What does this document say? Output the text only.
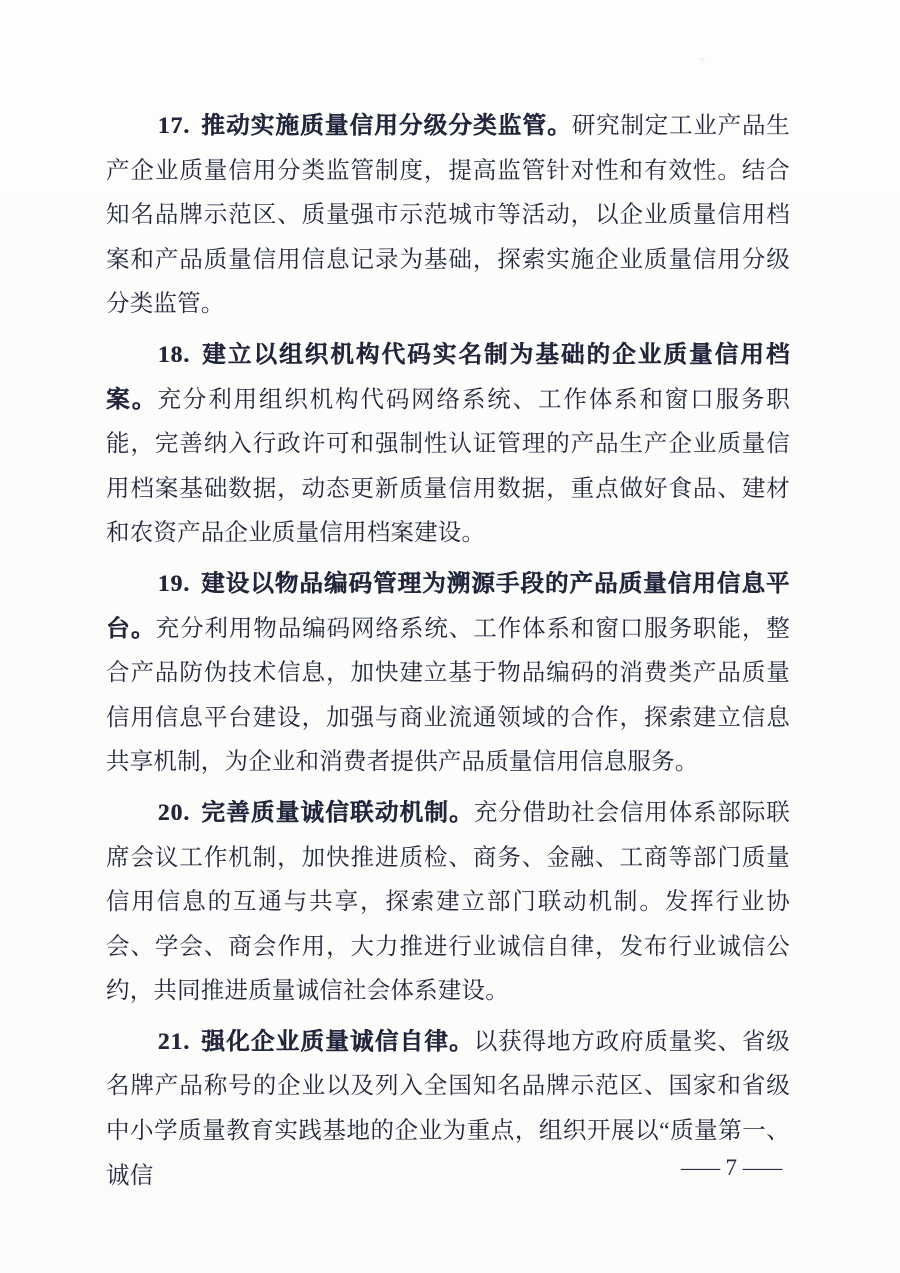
17. 推动实施质量信用分级分类监管。研究制定工业产品生产企业质量信用分类监管制度，提高监管针对性和有效性。结合知名品牌示范区、质量强市示范城市等活动，以企业质量信用档案和产品质量信用信息记录为基础，探索实施企业质量信用分级分类监管。

18. 建立以组织机构代码实名制为基础的企业质量信用档案。充分利用组织机构代码网络系统、工作体系和窗口服务职能，完善纳入行政许可和强制性认证管理的产品生产企业质量信用档案基础数据，动态更新质量信用数据，重点做好食品、建材和农资产品企业质量信用档案建设。

19. 建设以物品编码管理为溯源手段的产品质量信用信息平台。充分利用物品编码网络系统、工作体系和窗口服务职能，整合产品防伪技术信息，加快建立基于物品编码的消费类产品质量信用信息平台建设，加强与商业流通领域的合作，探索建立信息共享机制，为企业和消费者提供产品质量信用信息服务。

20. 完善质量诚信联动机制。充分借助社会信用体系部际联席会议工作机制，加快推进质检、商务、金融、工商等部门质量信用信息的互通与共享，探索建立部门联动机制。发挥行业协会、学会、商会作用，大力推进行业诚信自律，发布行业诚信公约，共同推进质量诚信社会体系建设。

21. 强化企业质量诚信自律。以获得地方政府质量奖、省级名牌产品称号的企业以及列入全国知名品牌示范区、国家和省级中小学质量教育实践基地的企业为重点，组织开展以“质量第一、诚信	— 7 —
